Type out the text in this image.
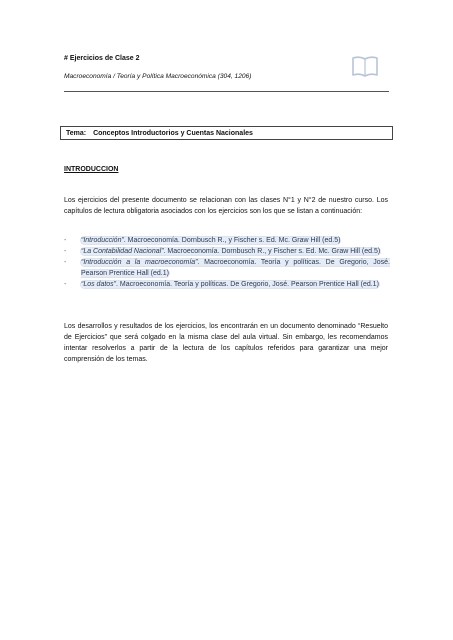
# Ejercicios de Clase 2
Macroeconomía / Teoría y Política Macroeconómica (304, 1206)
Tema: Conceptos Introductorios y Cuentas Nacionales
INTRODUCCION

Los ejercicios del presente documento se relacionan con las clases N°1 y N°2 de nuestro curso. Los capítulos de lectura obligatoria asociados con los ejercicios son los que se listan a continuación:

- “Introducción”. Macroeconomía. Dornbusch R., y Fischer s. Ed. Mc. Graw Hill (ed.5)
- “La Contabilidad Nacional”. Macroeconomía. Dornbusch R., y Fischer s. Ed. Mc. Graw Hill (ed.5)
- “Introducción a la macroeconomía”. Macroeconomía. Teoría y políticas. De Gregorio, José. Pearson Prentice Hall (ed.1)
- “Los datos”. Macroeconomía. Teoría y políticas. De Gregorio, José. Pearson Prentice Hall (ed.1)

Los desarrollos y resultados de los ejercicios, los encontrarán en un documento denominado “Resuelto de Ejercicios” que será colgado en la misma clase del aula virtual. Sin embargo, les recomendamos intentar resolverlos a partir de la lectura de los capítulos referidos para garantizar una mejor comprensión de los temas.
